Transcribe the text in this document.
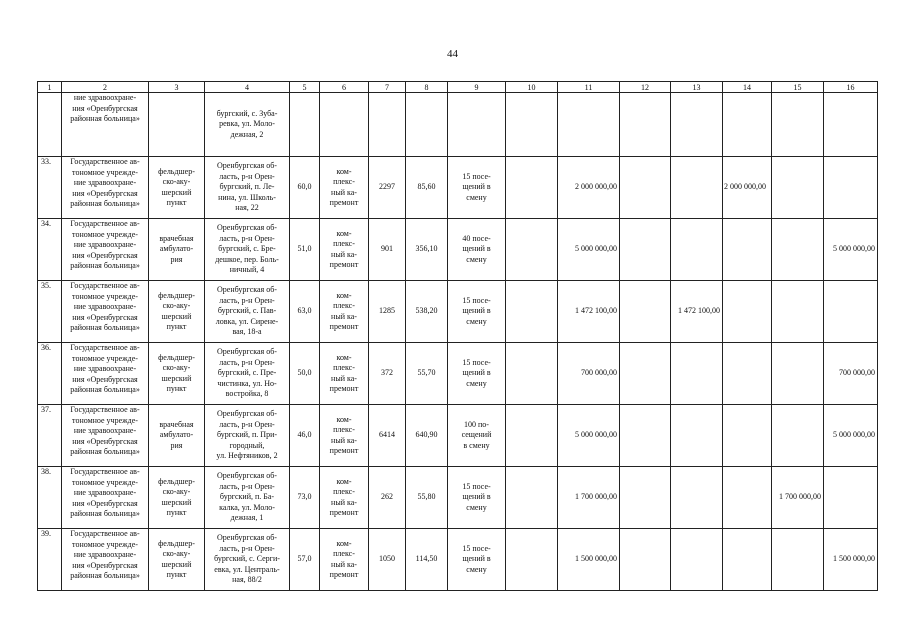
44
1	2	3	4	5	6	7	8	9	10	11	12	13	14	15	16
	ние здравоохране-
ния «Оренбургская
районная больница»		бургский, с. Зуба-
ревка, ул. Моло-
дежная, 2												
33.	Государственное ав-
тономное учрежде-
ние здравоохране-
ния «Оренбургская
районная больница»	фельдшер-
ско-аку-
шерский
пункт	Оренбургская об-
ласть, р-н Орен-
бургский, п. Ле-
нина, ул. Школь-
ная, 22	60,0	ком-
плекс-
ный ка-
премонт	2297	85,60	15 посе-
щений в
смену		2 000 000,00			2 000 000,00		
34.	Государственное ав-
тономное учрежде-
ние здравоохране-
ния «Оренбургская
районная больница»	врачебная
амбулато-
рия	Оренбургская об-
ласть, р-н Орен-
бургский, с. Бре-
дешкое, пер. Боль-
ничный, 4	51,0	ком-
плекс-
ный ка-
премонт	901	356,10	40 посе-
щений в
смену		5 000 000,00					5 000 000,00
35.	Государственное ав-
тономное учрежде-
ние здравоохране-
ния «Оренбургская
районная больница»	фельдшер-
ско-аку-
шерский
пункт	Оренбургская об-
ласть, р-н Орен-
бургский, с. Пав-
ловка, ул. Сирене-
вая, 18-а	63,0	ком-
плекс-
ный ка-
премонт	1285	538,20	15 посе-
щений в
смену		1 472 100,00		1 472 100,00			
36.	Государственное ав-
тономное учрежде-
ние здравоохране-
ния «Оренбургская
районная больница»	фельдшер-
ско-аку-
шерский
пункт	Оренбургская об-
ласть, р-н Орен-
бургский, с. Пре-
чистинка, ул. Но-
востройка, 8	50,0	ком-
плекс-
ный ка-
премонт	372	55,70	15 посе-
щений в
смену		700 000,00					700 000,00
37.	Государственное ав-
тономное учрежде-
ние здравоохране-
ния «Оренбургская
районная больница»	врачебная
амбулато-
рия	Оренбургская об-
ласть, р-н Орен-
бургский, п. При-
городный,
ул. Нефтяников, 2	46,0	ком-
плекс-
ный ка-
премонт	6414	640,90	100 по-
сещений
в смену		5 000 000,00					5 000 000,00
38.	Государственное ав-
тономное учрежде-
ние здравоохране-
ния «Оренбургская
районная больница»	фельдшер-
ско-аку-
шерский
пункт	Оренбургская об-
ласть, р-н Орен-
бургский, п. Ба-
калка, ул. Моло-
дежная, 1	73,0	ком-
плекс-
ный ка-
премонт	262	55,80	15 посе-
щений в
смену		1 700 000,00				1 700 000,00	
39.	Государственное ав-
тономное учрежде-
ние здравоохране-
ния «Оренбургская
районная больница»	фельдшер-
ско-аку-
шерский
пункт	Оренбургская об-
ласть, р-н Орен-
бургский, с. Серги-
евка, ул. Централь-
ная, 88/2	57,0	ком-
плекс-
ный ка-
премонт	1050	114,50	15 посе-
щений в
смену		1 500 000,00					1 500 000,00
